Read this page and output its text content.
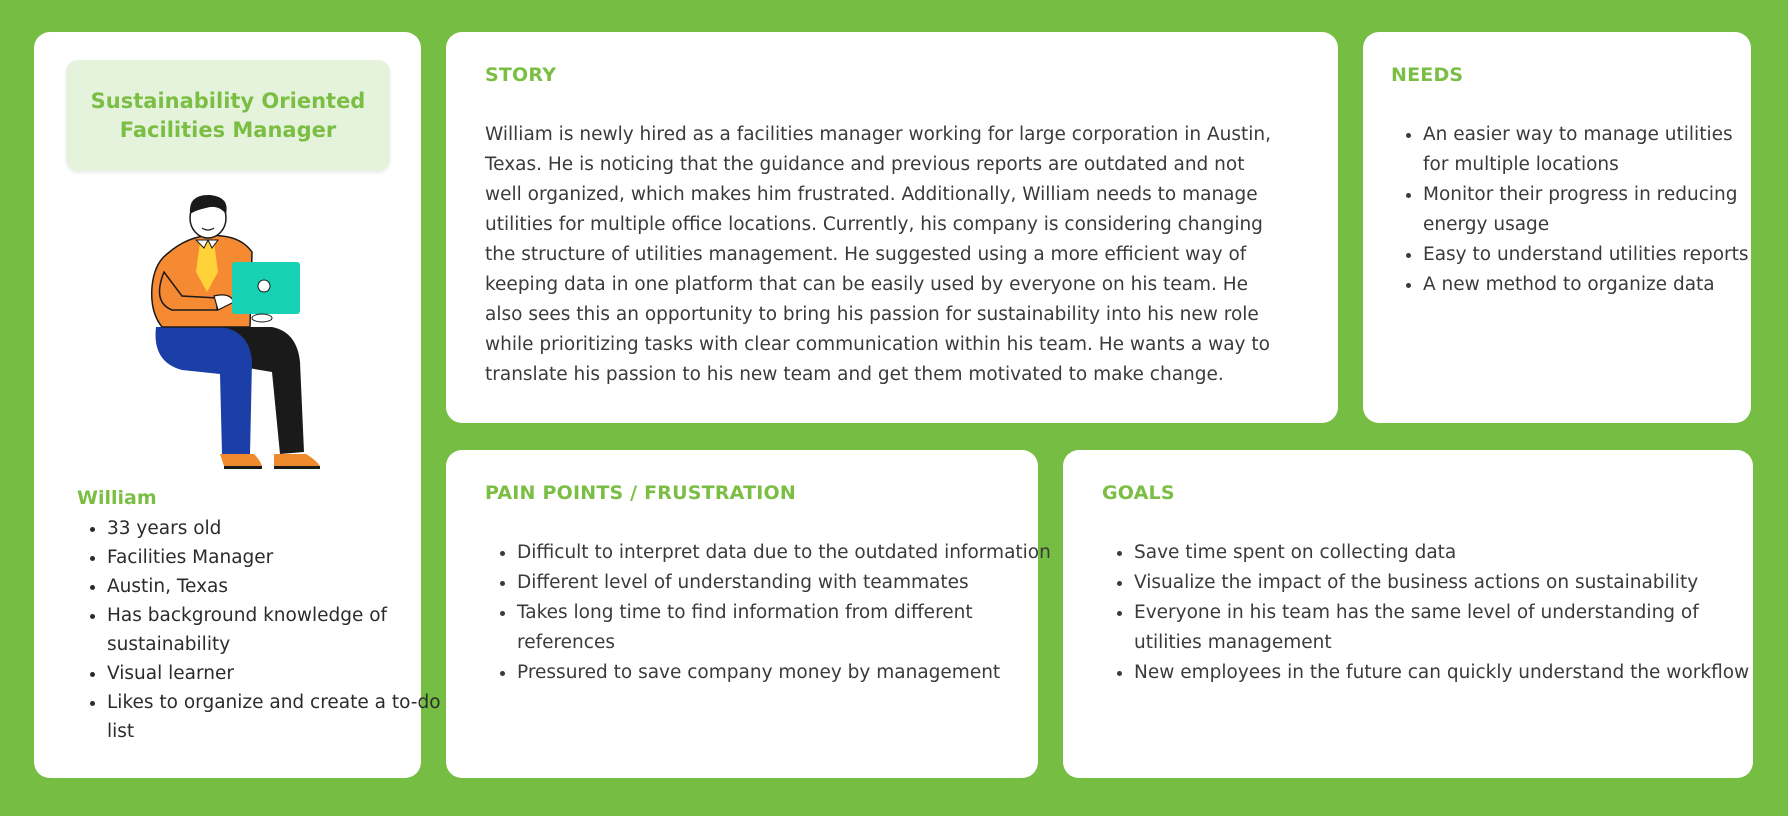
Sustainability Oriented Facilities Manager
William
• 33 years old
• Facilities Manager
• Austin, Texas
• Has background knowledge of sustainability
• Visual learner
• Likes to organize and create a to-do list
STORY

William is newly hired as a facilities manager working for large corporation in Austin, Texas. He is noticing that the guidance and previous reports are outdated and not well organized, which makes him frustrated. Additionally, William needs to manage utilities for multiple office locations. Currently, his company is considering changing the structure of utilities management. He suggested using a more efficient way of keeping data in one platform that can be easily used by everyone on his team. He also sees this an opportunity to bring his passion for sustainability into his new role while prioritizing tasks with clear communication within his team. He wants a way to translate his passion to his new team and get them motivated to make change.

NEEDS
• An easier way to manage utilities for multiple locations
• Monitor their progress in reducing energy usage
• Easy to understand utilities reports
• A new method to organize data
PAIN POINTS / FRUSTRATION
• Difficult to interpret data due to the outdated information
• Different level of understanding with teammates
• Takes long time to find information from different references
• Pressured to save company money by management
GOALS
• Save time spent on collecting data
• Visualize the impact of the business actions on sustainability
• Everyone in his team has the same level of understanding of utilities management
• New employees in the future can quickly understand the workflow
